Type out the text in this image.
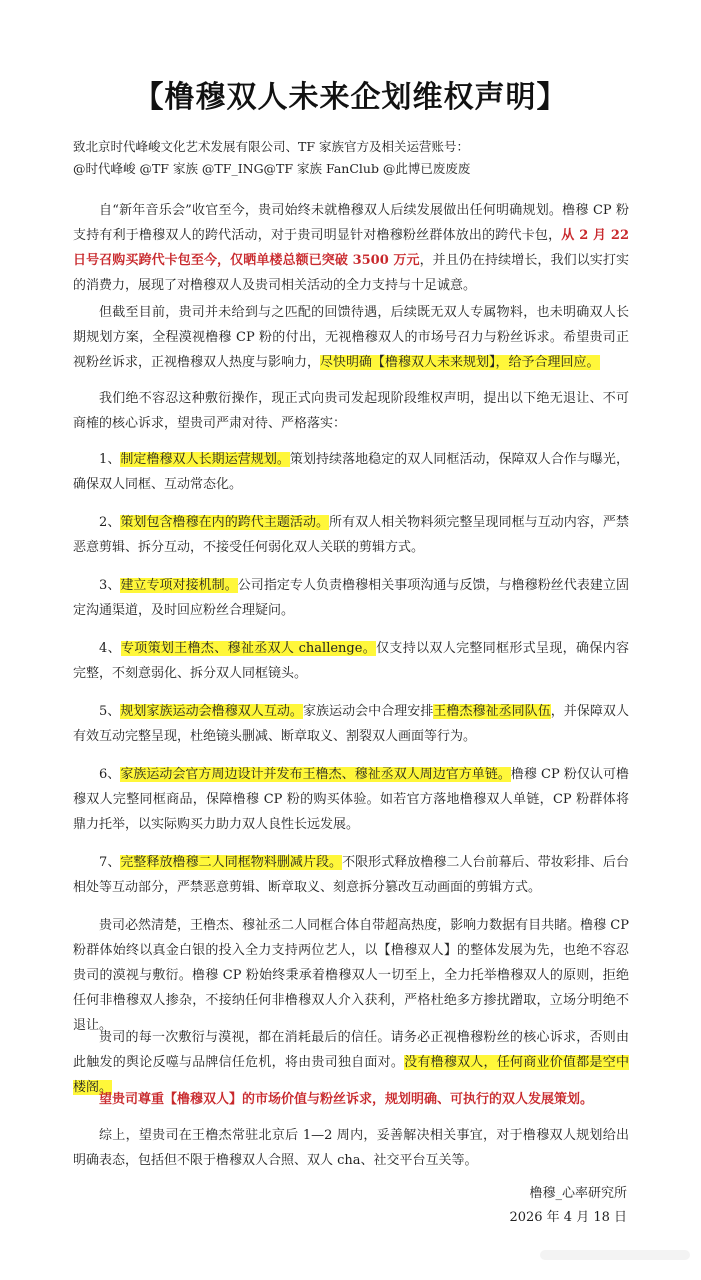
【橹穆双人未来企划维权声明】
致北京时代峰峻文化艺术发展有限公司、TF 家族官方及相关运营账号：
@时代峰峻 @TF 家族 @TF_ING@TF 家族 FanClub @此博已废废废
自“新年音乐会”收官至今，贵司始终未就橹穆双人后续发展做出任何明确规划。橹穆 CP 粉支持有利于橹穆双人的跨代活动，对于贵司明显针对橹穆粉丝群体放出的跨代卡包，从 2 月 22 日号召购买跨代卡包至今，仅晒单楼总额已突破 3500 万元，并且仍在持续增长，我们以实打实的消费力，展现了对橹穆双人及贵司相关活动的全力支持与十足诚意。
但截至目前，贵司并未给到与之匹配的回馈待遇，后续既无双人专属物料，也未明确双人长期规划方案，全程漠视橹穆 CP 粉的付出，无视橹穆双人的市场号召力与粉丝诉求。希望贵司正视粉丝诉求，正视橹穆双人热度与影响力，尽快明确【橹穆双人未来规划】，给予合理回应。
我们绝不容忍这种敷衍操作，现正式向贵司发起现阶段维权声明，提出以下绝无退让、不可商榷的核心诉求，望贵司严肃对待、严格落实：
1、制定橹穆双人长期运营规划。策划持续落地稳定的双人同框活动，保障双人合作与曝光，确保双人同框、互动常态化。
2、策划包含橹穆在内的跨代主题活动。所有双人相关物料须完整呈现同框与互动内容，严禁恶意剪辑、拆分互动，不接受任何弱化双人关联的剪辑方式。
3、建立专项对接机制。公司指定专人负责橹穆相关事项沟通与反馈，与橹穆粉丝代表建立固定沟通渠道，及时回应粉丝合理疑问。
4、专项策划王橹杰、穆祉丞双人 challenge。仅支持以双人完整同框形式呈现，确保内容完整，不刻意弱化、拆分双人同框镜头。
5、规划家族运动会橹穆双人互动。家族运动会中合理安排王橹杰穆祉丞同队伍，并保障双人有效互动完整呈现，杜绝镜头删减、断章取义、割裂双人画面等行为。
6、家族运动会官方周边设计并发布王橹杰、穆祉丞双人周边官方单链。橹穆 CP 粉仅认可橹穆双人完整同框商品，保障橹穆 CP 粉的购买体验。如若官方落地橹穆双人单链，CP 粉群体将鼎力托举，以实际购买力助力双人良性长远发展。
7、完整释放橹穆二人同框物料删减片段。不限形式释放橹穆二人台前幕后、带妆彩排、后台相处等互动部分，严禁恶意剪辑、断章取义、刻意拆分篡改互动画面的剪辑方式。
贵司必然清楚，王橹杰、穆祉丞二人同框合体自带超高热度，影响力数据有目共睹。橹穆 CP 粉群体始终以真金白银的投入全力支持两位艺人，以【橹穆双人】的整体发展为先，也绝不容忍贵司的漠视与敷衍。橹穆 CP 粉始终秉承着橹穆双人一切至上，全力托举橹穆双人的原则，拒绝任何非橹穆双人掺杂，不接纳任何非橹穆双人介入获利，严格杜绝多方掺扰蹭取，立场分明绝不退让。
贵司的每一次敷衍与漠视，都在消耗最后的信任。请务必正视橹穆粉丝的核心诉求，否则由此触发的舆论反噬与品牌信任危机，将由贵司独自面对。没有橹穆双人，任何商业价值都是空中楼阁。
望贵司尊重【橹穆双人】的市场价值与粉丝诉求，规划明确、可执行的双人发展策划。
综上，望贵司在王橹杰常驻北京后 1—2 周内，妥善解决相关事宜，对于橹穆双人规划给出明确表态，包括但不限于橹穆双人合照、双人 cha、社交平台互关等。
橹穆_心率研究所
2026 年 4 月 18 日
